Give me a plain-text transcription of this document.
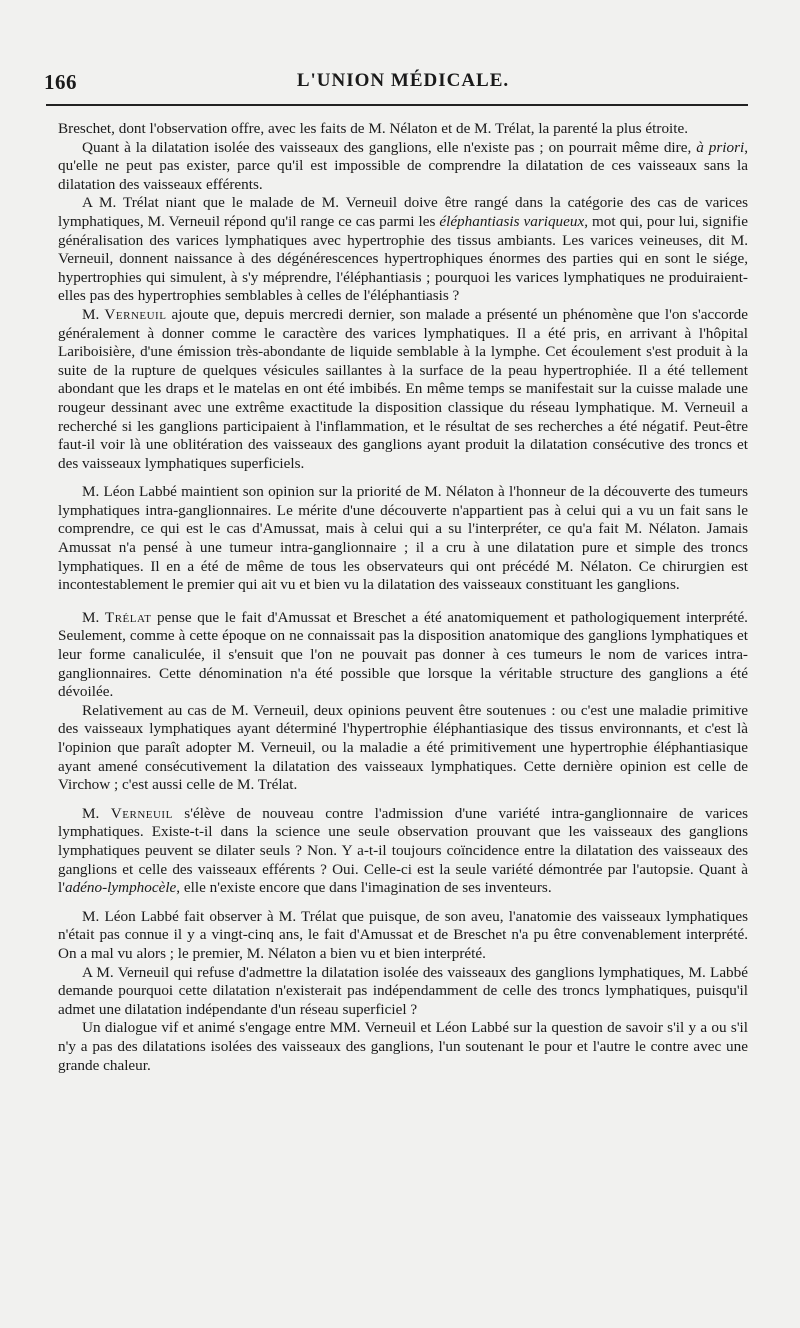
166	L'UNION MÉDICALE.

Breschet, dont l'observation offre, avec les faits de M. Nélaton et de M. Trélat, la parenté la plus étroite.

Quant à la dilatation isolée des vaisseaux des ganglions, elle n'existe pas ; on pourrait même dire, à priori, qu'elle ne peut pas exister, parce qu'il est impossible de comprendre la dilatation de ces vaisseaux sans la dilatation des vaisseaux efférents.

A M. Trélat niant que le malade de M. Verneuil doive être rangé dans la catégorie des cas de varices lymphatiques, M. Verneuil répond qu'il range ce cas parmi les éléphantiasis variqueux, mot qui, pour lui, signifie généralisation des varices lymphatiques avec hypertrophie des tissus ambiants. Les varices veineuses, dit M. Verneuil, donnent naissance à des dégénérescences hypertrophiques énormes des parties qui en sont le siége, hypertrophies qui simulent, à s'y méprendre, l'éléphantiasis ; pourquoi les varices lymphatiques ne produiraient-elles pas des hypertrophies semblables à celles de l'éléphantiasis ?

M. Verneuil ajoute que, depuis mercredi dernier, son malade a présenté un phénomène que l'on s'accorde généralement à donner comme le caractère des varices lymphatiques. Il a été pris, en arrivant à l'hôpital Lariboisière, d'une émission très-abondante de liquide semblable à la lymphe. Cet écoulement s'est produit à la suite de la rupture de quelques vésicules saillantes à la surface de la peau hypertrophiée. Il a été tellement abondant que les draps et le matelas en ont été imbibés. En même temps se manifestait sur la cuisse malade une rougeur dessinant avec une extrême exactitude la disposition classique du réseau lymphatique. M. Verneuil a recherché si les ganglions participaient à l'inflammation, et le résultat de ses recherches a été négatif. Peut-être faut-il voir là une oblitération des vaisseaux des ganglions ayant produit la dilatation consécutive des troncs et des vaisseaux lymphatiques superficiels.

M. Léon Labbé maintient son opinion sur la priorité de M. Nélaton à l'honneur de la découverte des tumeurs lymphatiques intra-ganglionnaires. Le mérite d'une découverte n'appartient pas à celui qui a vu un fait sans le comprendre, ce qui est le cas d'Amussat, mais à celui qui a su l'interpréter, ce qu'a fait M. Nélaton. Jamais Amussat n'a pensé à une tumeur intra-ganglionnaire ; il a cru à une dilatation pure et simple des troncs lymphatiques. Il en a été de même de tous les observateurs qui ont précédé M. Nélaton. Ce chirurgien est incontestablement le premier qui ait vu et bien vu la dilatation des vaisseaux constituant les ganglions.

M. Trélat pense que le fait d'Amussat et Breschet a été anatomiquement et pathologiquement interprété. Seulement, comme à cette époque on ne connaissait pas la disposition anatomique des ganglions lymphatiques et leur forme canaliculée, il s'ensuit que l'on ne pouvait pas donner à ces tumeurs le nom de varices intra-ganglionnaires. Cette dénomination n'a été possible que lorsque la véritable structure des ganglions a été dévoilée.

Relativement au cas de M. Verneuil, deux opinions peuvent être soutenues : ou c'est une maladie primitive des vaisseaux lymphatiques ayant déterminé l'hypertrophie éléphantiasique des tissus environnants, et c'est là l'opinion que paraît adopter M. Verneuil, ou la maladie a été primitivement une hypertrophie éléphantiasique ayant amené consécutivement la dilatation des vaisseaux lymphatiques. Cette dernière opinion est celle de Virchow ; c'est aussi celle de M. Trélat.

M. Verneuil s'élève de nouveau contre l'admission d'une variété intra-ganglionnaire de varices lymphatiques. Existe-t-il dans la science une seule observation prouvant que les vaisseaux des ganglions lymphatiques peuvent se dilater seuls ? Non. Y a-t-il toujours coïncidence entre la dilatation des vaisseaux des ganglions et celle des vaisseaux efférents ? Oui. Celle-ci est la seule variété démontrée par l'autopsie. Quant à l'adéno-lymphocèle, elle n'existe encore que dans l'imagination de ses inventeurs.

M. Léon Labbé fait observer à M. Trélat que puisque, de son aveu, l'anatomie des vaisseaux lymphatiques n'était pas connue il y a vingt-cinq ans, le fait d'Amussat et de Breschet n'a pu être convenablement interprété. On a mal vu alors ; le premier, M. Nélaton a bien vu et bien interprété.

A M. Verneuil qui refuse d'admettre la dilatation isolée des vaisseaux des ganglions lymphatiques, M. Labbé demande pourquoi cette dilatation n'existerait pas indépendamment de celle des troncs lymphatiques, puisqu'il admet une dilatation indépendante d'un réseau superficiel ?

Un dialogue vif et animé s'engage entre MM. Verneuil et Léon Labbé sur la question de savoir s'il y a ou s'il n'y a pas des dilatations isolées des vaisseaux des ganglions, l'un soutenant le pour et l'autre le contre avec une grande chaleur.
